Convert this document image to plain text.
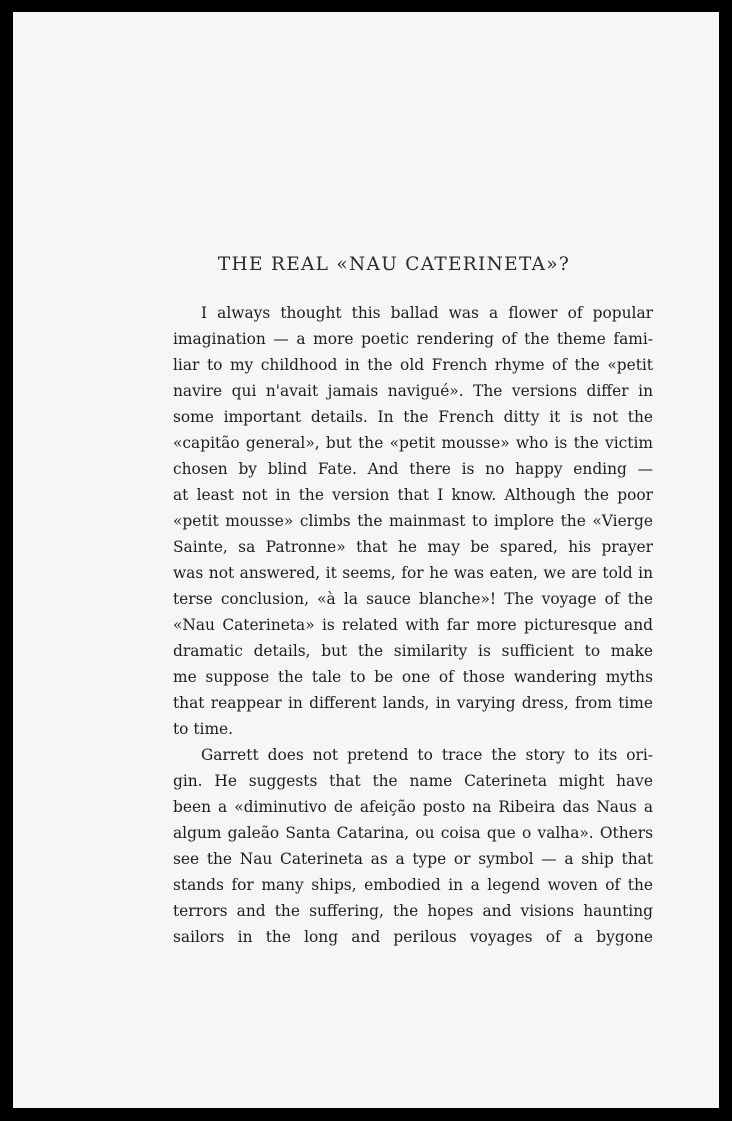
THE REAL «NAU CATERINETA»?

I always thought this ballad was a flower of popular

imagination — a more poetic rendering of the theme fami-

liar to my childhood in the old French rhyme of the «petit

navire qui n'avait jamais navigué». The versions differ in

some important details. In the French ditty it is not the

«capitão general», but the «petit mousse» who is the victim

chosen by blind Fate. And there is no happy ending —

at least not in the version that I know. Although the poor

«petit mousse» climbs the mainmast to implore the «Vierge

Sainte, sa Patronne» that he may be spared, his prayer

was not answered, it seems, for he was eaten, we are told in

terse conclusion, «à la sauce blanche»! The voyage of the

«Nau Caterineta» is related with far more picturesque and

dramatic details, but the similarity is sufficient to make

me suppose the tale to be one of those wandering myths

that reappear in different lands, in varying dress, from time

to time.

Garrett does not pretend to trace the story to its ori-

gin. He suggests that the name Caterineta might have

been a «diminutivo de afeição posto na Ribeira das Naus a

algum galeão Santa Catarina, ou coisa que o valha». Others

see the Nau Caterineta as a type or symbol — a ship that

stands for many ships, embodied in a legend woven of the

terrors and the suffering, the hopes and visions haunting

sailors in the long and perilous voyages of a bygone
